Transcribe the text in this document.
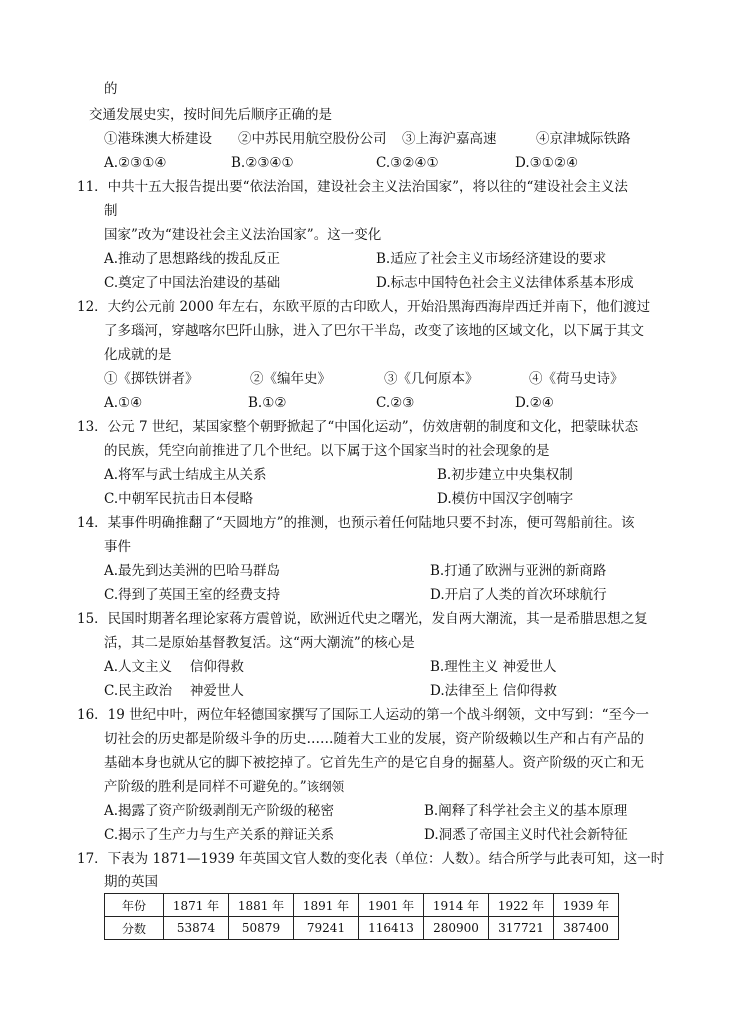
的
交通发展史实，按时间先后顺序正确的是
①港珠澳大桥建设 ②中苏民用航空股份公司 ③上海沪嘉高速	④京津城际铁路
A.②③①④	B.②③④①	C.③②④①	D.③①②④
11．中共十五大报告提出要“依法治国，建设社会主义法治国家”，将以往的“建设社会主义法
制
国家”改为“建设社会主义法治国家”。这一变化
A.推动了思想路线的拨乱反正	B.适应了社会主义市场经济建设的要求
C.奠定了中国法治建设的基础	D.标志中国特色社会主义法律体系基本形成
12．大约公元前 2000 年左右，东欧平原的古印欧人，开始沿黑海西海岸西迁并南下，他们渡过
了多瑙河，穿越喀尔巴阡山脉，进入了巴尔干半岛，改变了该地的区域文化，以下属于其文
化成就的是
①《掷铁饼者》	②《编年史》	③《几何原本》	④《荷马史诗》
A.①④	B.①②	C.②③	D.②④
13．公元 7 世纪，某国家整个朝野掀起了“中国化运动”，仿效唐朝的制度和文化，把蒙昧状态
的民族，凭空向前推进了几个世纪。以下属于这个国家当时的社会现象的是
A.将军与武士结成主从关系	B.初步建立中央集权制
C.中朝军民抗击日本侵略	D.模仿中国汉字创喃字
14．某事件明确推翻了“天圆地方”的推测，也预示着任何陆地只要不封冻，便可驾船前往。该
事件
A.最先到达美洲的巴哈马群岛	B.打通了欧洲与亚洲的新商路
C.得到了英国王室的经费支持	D.开启了人类的首次环球航行
15．民国时期著名理论家蒋方震曾说，欧洲近代史之曙光，发自两大潮流，其一是希腊思想之复
活，其二是原始基督教复活。这“两大潮流”的核心是
A.人文主义　 信仰得救	B.理性主义 神爱世人
C.民主政治　 神爱世人	D.法律至上 信仰得救
16．19 世纪中叶，两位年轻德国家撰写了国际工人运动的第一个战斗纲领，文中写到：“至今一
切社会的历史都是阶级斗争的历史……随着大工业的发展，资产阶级赖以生产和占有产品的
基础本身也就从它的脚下被挖掉了。它首先生产的是它自身的掘墓人。资产阶级的灭亡和无
产阶级的胜利是同样不可避免的。”该纲领
A.揭露了资产阶级剥削无产阶级的秘密	B.阐释了科学社会主义的基本原理
C.揭示了生产力与生产关系的辩证关系	D.洞悉了帝国主义时代社会新特征
17．下表为 1871—1939 年英国文官人数的变化表（单位：人数）。结合所学与此表可知，这一时
期的英国
年份	1871 年	1881 年	1891 年	1901 年	1914 年	1922 年	1939 年
分数	53874	50879	79241	116413	280900	317721	387400
